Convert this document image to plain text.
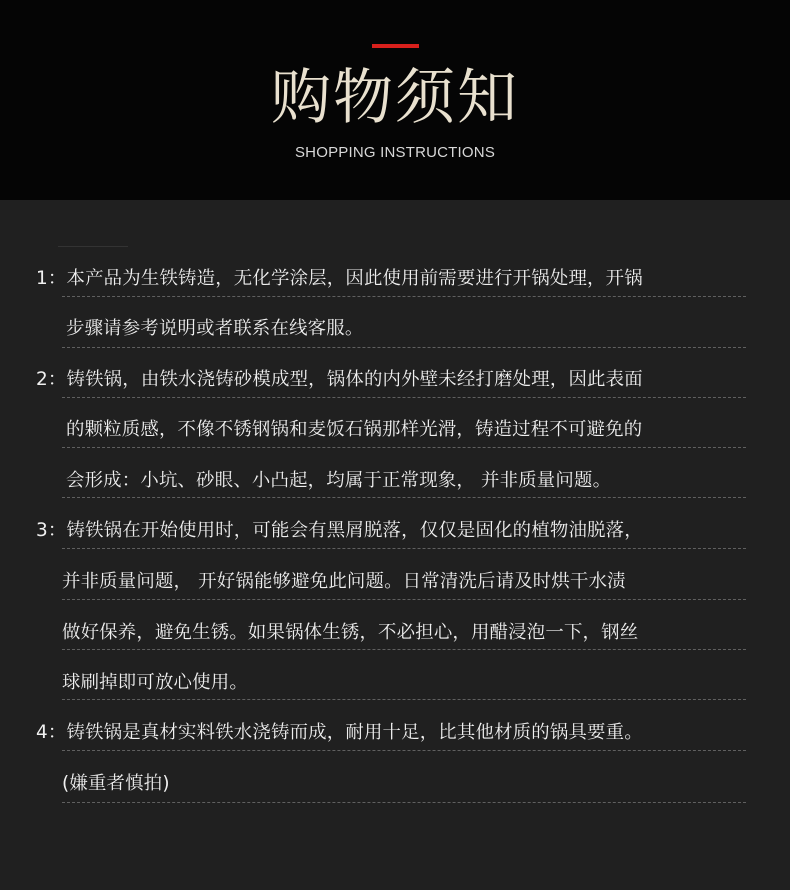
购物须知
SHOPPING INSTRUCTIONS
1：本产品为生铁铸造，无化学涂层，因此使用前需要进行开锅处理，开锅
步骤请参考说明或者联系在线客服。
2：铸铁锅，由铁水浇铸砂模成型，锅体的内外壁未经打磨处理，因此表面
的颗粒质感，不像不锈钢锅和麦饭石锅那样光滑，铸造过程不可避免的
会形成：小坑、砂眼、小凸起，均属于正常现象， 并非质量问题。
3：铸铁锅在开始使用时，可能会有黑屑脱落，仅仅是固化的植物油脱落，
并非质量问题， 开好锅能够避免此问题。日常清洗后请及时烘干水渍
做好保养，避免生锈。如果锅体生锈，不必担心，用醋浸泡一下，钢丝
球刷掉即可放心使用。
4：铸铁锅是真材实料铁水浇铸而成，耐用十足，比其他材质的锅具要重。
(嫌重者慎拍)
